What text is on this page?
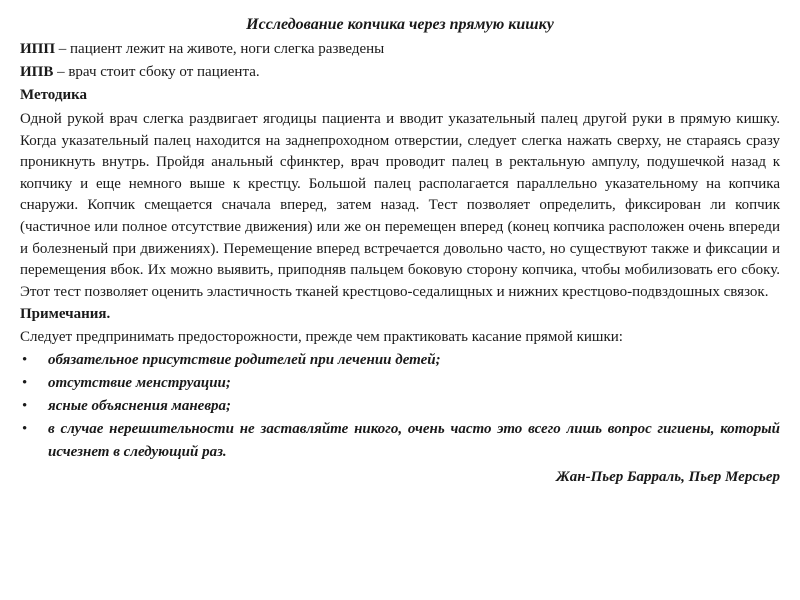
Исследование копчика через прямую кишку

ИПП – пациент лежит на животе, ноги слегка разведены

ИПВ – врач стоит сбоку от пациента.

Методика

Одной рукой врач слегка раздвигает ягодицы пациента и вводит указательный палец другой руки в прямую кишку. Когда указательный палец находится на заднепроходном отверстии, следует слегка нажать сверху, не стараясь сразу проникнуть внутрь. Пройдя анальный сфинктер, врач проводит палец в ректальную ампулу, подушечкой назад к копчику и еще немного выше к крестцу. Большой палец располагается параллельно указательному на копчика снаружи. Копчик смещается сначала вперед, затем назад. Тест позволяет определить, фиксирован ли копчик (частичное или полное отсутствие движения) или же он перемещен вперед (конец копчика расположен очень впереди и болезненый при движениях). Перемещение вперед встречается довольно часто, но существуют также и фиксации и перемещения вбок. Их можно выявить, приподняв пальцем боковую сторону копчика, чтобы мобилизовать его сбоку. Этот тест позволяет оценить эластичность тканей крестцово-седалищных и нижних крестцово-подвздошных связок.

Примечания.

Следует предпринимать предосторожности, прежде чем практиковать касание прямой кишки:

• обязательное присутствие родителей при лечении детей;
• отсутствие менструации;
• ясные объяснения маневра;
• в случае нерешительности не заставляйте никого, очень часто это всего лишь вопрос гигиены, который исчезнет в следующий раз.

Жан-Пьер Барраль, Пьер Мерсьер
